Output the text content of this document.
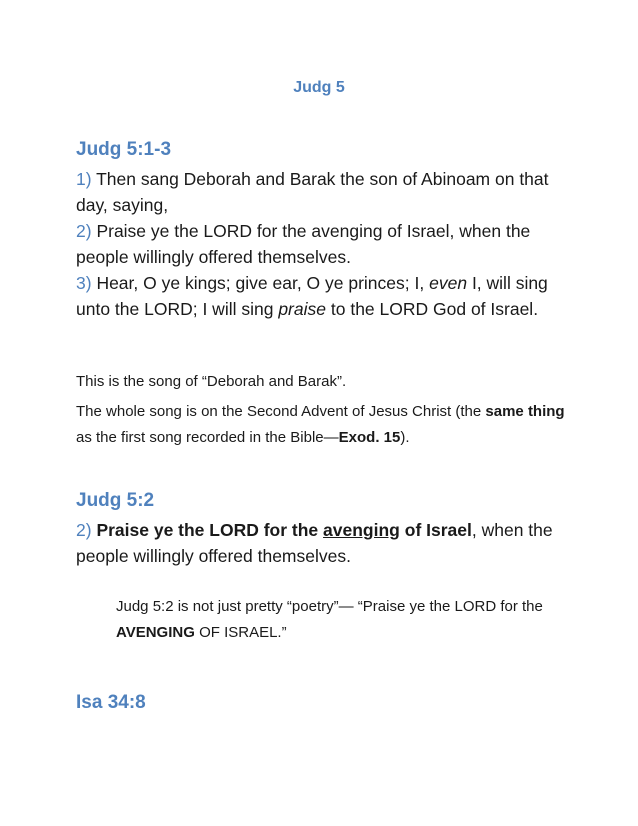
Judg 5
Judg 5:1-3
1) Then sang Deborah and Barak the son of Abinoam on that day, saying,
2) Praise ye the LORD for the avenging of Israel, when the people willingly offered themselves.
3) Hear, O ye kings; give ear, O ye princes; I, even I, will sing unto the LORD; I will sing praise to the LORD God of Israel.
This is the song of “Deborah and Barak”.
The whole song is on the Second Advent of Jesus Christ (the same thing as the first song recorded in the Bible—Exod. 15).
Judg 5:2
2) Praise ye the LORD for the avenging of Israel, when the people willingly offered themselves.
Judg 5:2 is not just pretty “poetry”— “Praise ye the LORD for the AVENGING OF ISRAEL.”
Isa 34:8
